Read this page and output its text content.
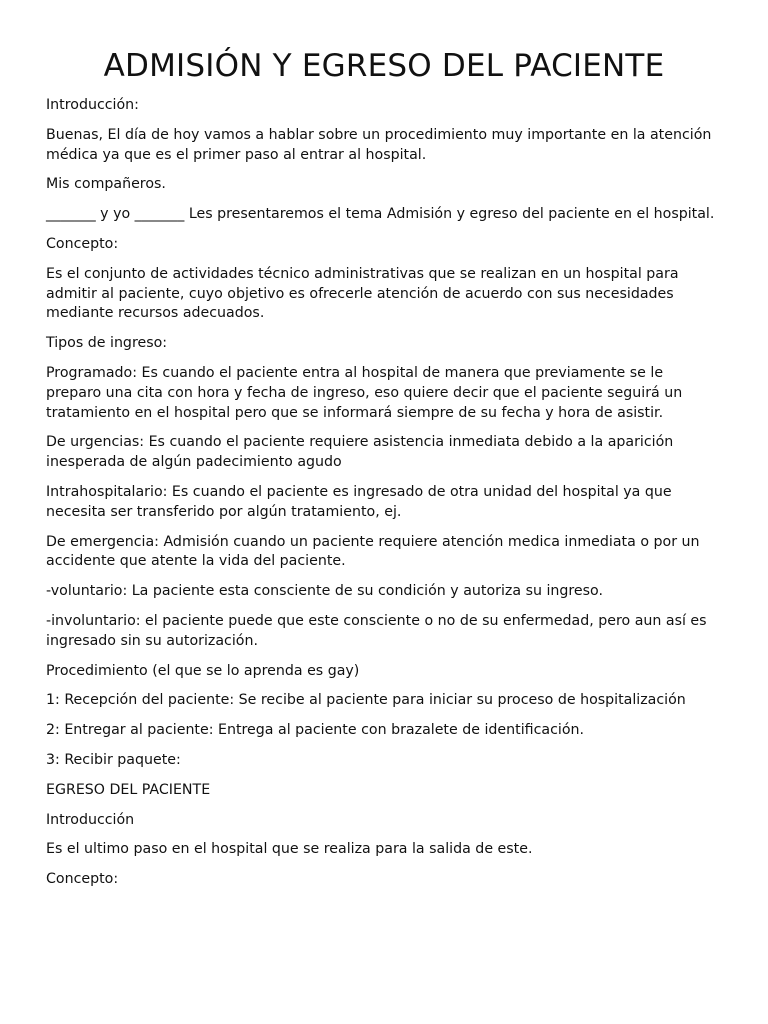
ADMISIÓN Y EGRESO DEL PACIENTE

Introducción:

Buenas, El día de hoy vamos a hablar sobre un procedimiento muy importante en la atención médica ya que es el primer paso al entrar al hospital.

Mis compañeros.

_______ y yo _______ Les presentaremos el tema Admisión y egreso del paciente en el hospital.

Concepto:

Es el conjunto de actividades técnico administrativas que se realizan en un hospital para admitir al paciente, cuyo objetivo es ofrecerle atención de acuerdo con sus necesidades mediante recursos adecuados.

Tipos de ingreso:

Programado: Es cuando el paciente entra al hospital de manera que previamente se le preparo una cita con hora y fecha de ingreso, eso quiere decir que el paciente seguirá un tratamiento en el hospital pero que se informará siempre de su fecha y hora de asistir.

De urgencias: Es cuando el paciente requiere asistencia inmediata debido a la aparición inesperada de algún padecimiento agudo

Intrahospitalario: Es cuando el paciente es ingresado de otra unidad del hospital ya que necesita ser transferido por algún tratamiento, ej.

De emergencia: Admisión cuando un paciente requiere atención medica inmediata o por un accidente que atente la vida del paciente.

-voluntario: La paciente esta consciente de su condición y autoriza su ingreso.

-involuntario: el paciente puede que este consciente o no de su enfermedad, pero aun así es ingresado sin su autorización.

Procedimiento (el que se lo aprenda es gay)

1: Recepción del paciente: Se recibe al paciente para iniciar su proceso de hospitalización

2: Entregar al paciente: Entrega al paciente con brazalete de identificación.

3: Recibir paquete:

EGRESO DEL PACIENTE

Introducción

Es el ultimo paso en el hospital que se realiza para la salida de este.

Concepto:
